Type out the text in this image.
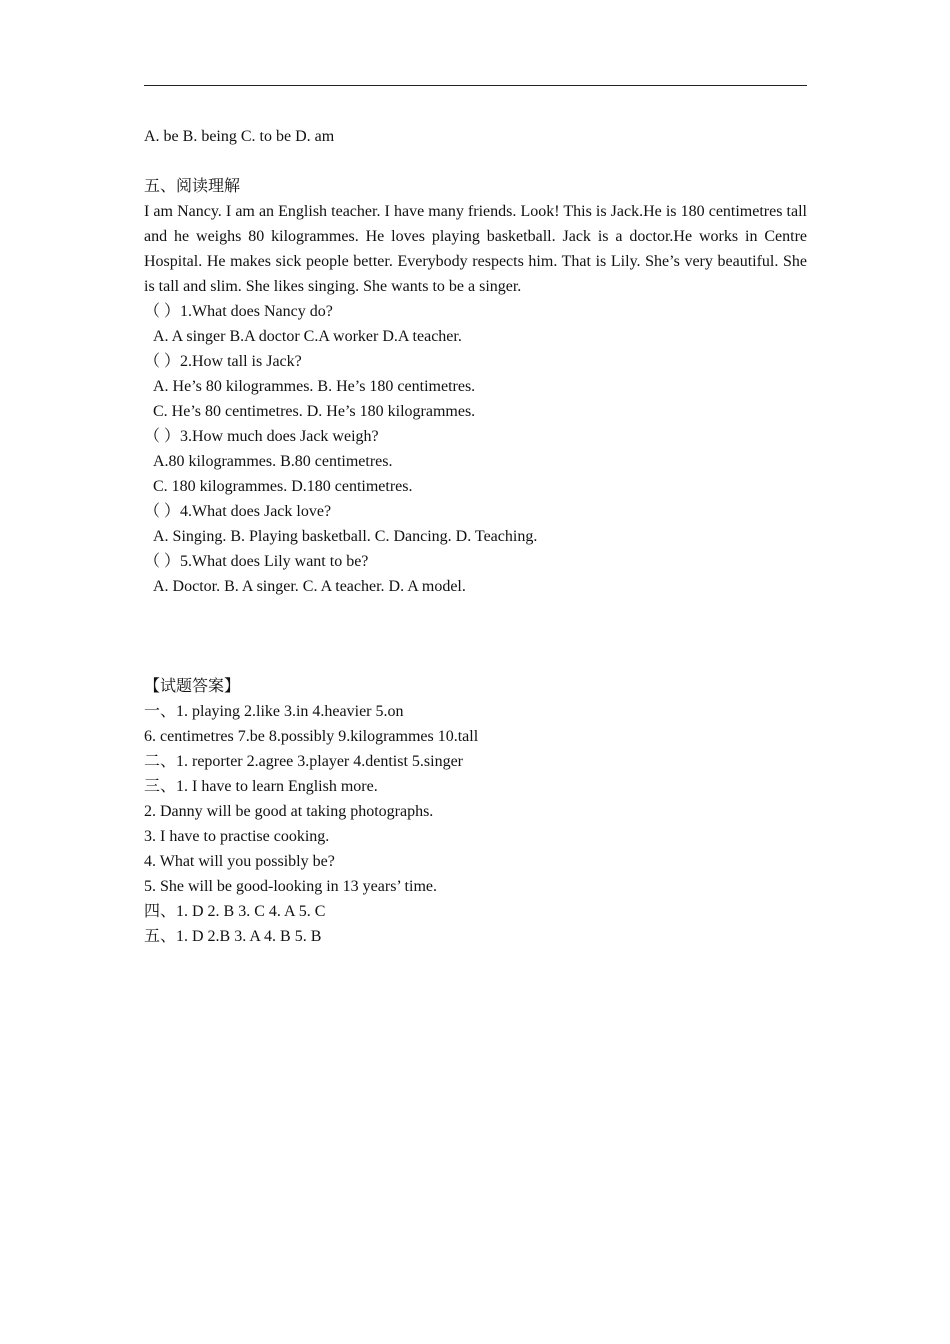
A. be B. being C. to be D. am
五、阅读理解
I am Nancy. I am an English teacher. I have many friends. Look! This is Jack.He is 180 centimetres tall and he weighs 80 kilogrammes. He loves playing basketball. Jack is a doctor.He works in Centre Hospital. He makes sick people better. Everybody respects him. That is Lily. She’s very beautiful. She is tall and slim. She likes singing. She wants to be a singer.
（ ）1.What does Nancy do?
A. A singer B.A doctor C.A worker D.A teacher.
（ ）2.How tall is Jack?
A. He’s 80 kilogrammes. B. He’s 180 centimetres.
C. He’s 80 centimetres. D. He’s 180 kilogrammes.
（ ）3.How much does Jack weigh?
A.80 kilogrammes. B.80 centimetres.
C. 180 kilogrammes. D.180 centimetres.
（ ）4.What does Jack love?
A. Singing. B. Playing basketball. C. Dancing. D. Teaching.
（ ）5.What does Lily want to be?
A. Doctor. B. A singer. C. A teacher. D. A model.
【试题答案】
一、1. playing 2.like 3.in 4.heavier 5.on
6. centimetres 7.be 8.possibly 9.kilogrammes 10.tall
二、1. reporter 2.agree 3.player 4.dentist 5.singer
三、1. I have to learn English more.
2. Danny will be good at taking photographs.
3. I have to practise cooking.
4. What will you possibly be?
5. She will be good-looking in 13 years’ time.
四、1. D 2. B 3. C 4. A 5. C
五、1. D 2.B 3. A 4. B 5. B
